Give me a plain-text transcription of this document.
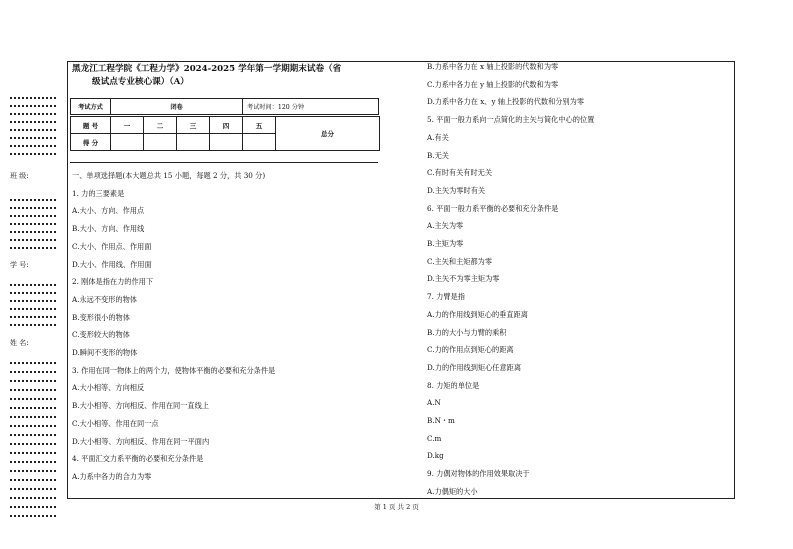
班 级:
学 号:
姓 名:
黑龙江工程学院《工程力学》2024-2025 学年第一学期期末试卷（省
级试点专业核心课）（A）
考试方式	闭卷	考试时间：120 分钟
题 号	一	二	三	四	五	总分
得 分						
一、单项选择题(本大题总共 15 小题，每题 2 分，共 30 分)
1. 力的三要素是
A.大小、方向、作用点
B.大小、方向、作用线
C.大小、作用点、作用面
D.大小、作用线、作用面
2. 刚体是指在力的作用下
A.永远不变形的物体
B.变形很小的物体
C.变形较大的物体
D.瞬间不变形的物体
3. 作用在同一物体上的两个力，使物体平衡的必要和充分条件是
A.大小相等、方向相反
B.大小相等、方向相反、作用在同一直线上
C.大小相等、作用在同一点
D.大小相等、方向相反、作用在同一平面内
4. 平面汇交力系平衡的必要和充分条件是
A.力系中各力的合力为零
B.力系中各力在 x 轴上投影的代数和为零
C.力系中各力在 y 轴上投影的代数和为零
D.力系中各力在 x、y 轴上投影的代数和分别为零
5. 平面一般力系向一点简化的主矢与简化中心的位置
A.有关
B.无关
C.有时有关有时无关
D.主矢为零时有关
6. 平面一般力系平衡的必要和充分条件是
A.主矢为零
B.主矩为零
C.主矢和主矩都为零
D.主矢不为零主矩为零
7. 力臂是指
A.力的作用线到矩心的垂直距离
B.力的大小与力臂的乘积
C.力的作用点到矩心的距离
D.力的作用线到矩心任意距离
8. 力矩的单位是
A.N
B.N・m
C.m
D.kg
9. 力偶对物体的作用效果取决于
A.力偶矩的大小
第 1 页 共 2 页
